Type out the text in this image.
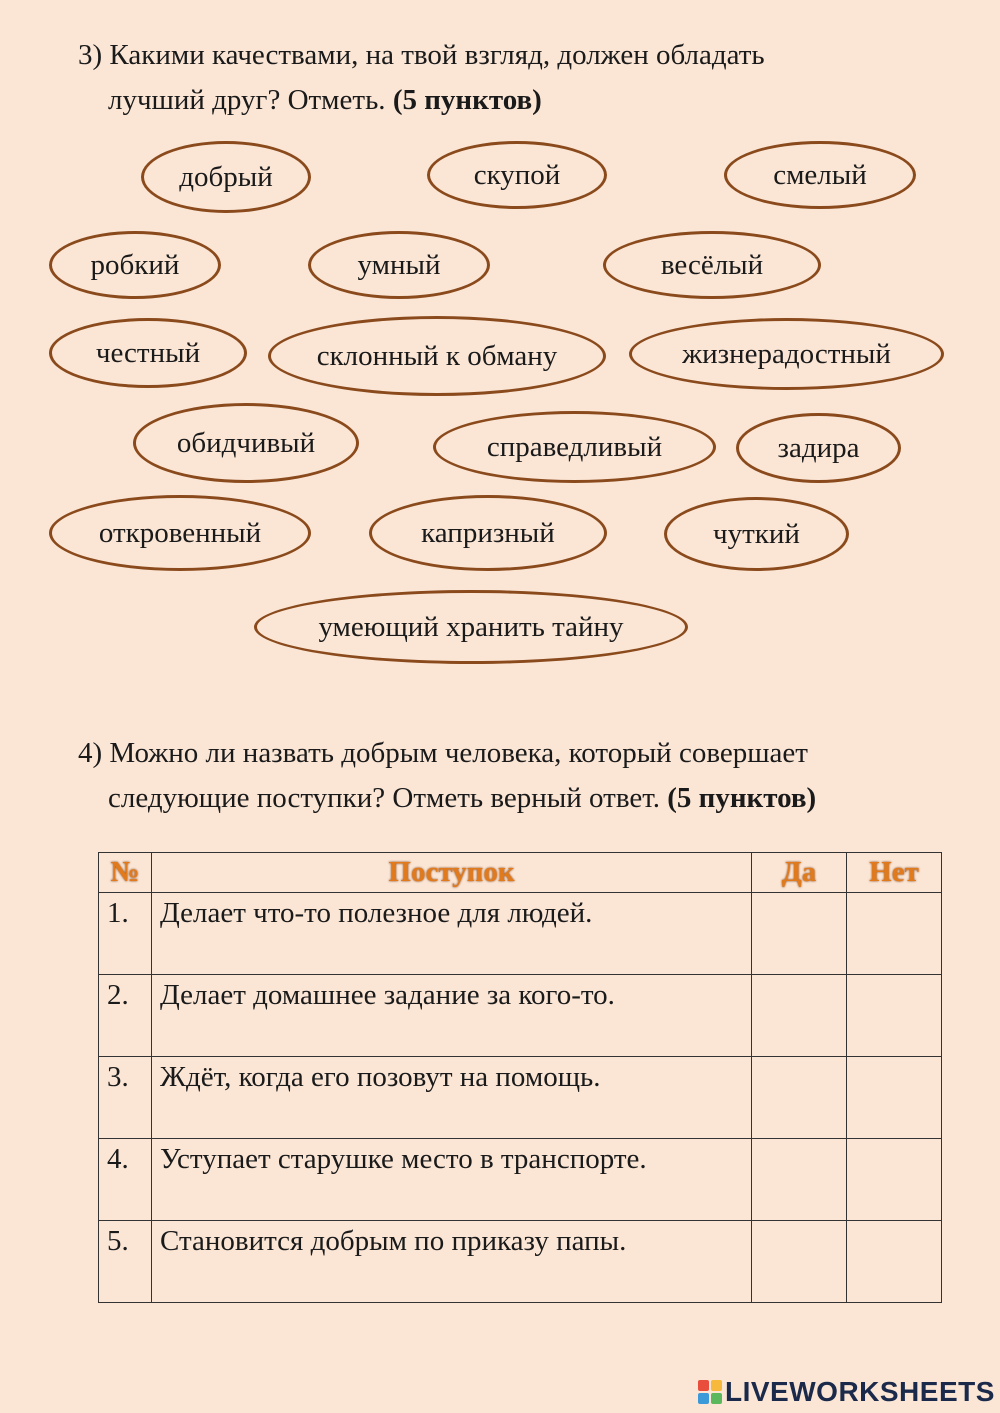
3) Какими качествами, на твой взгляд, должен обладать
лучший друг? Отметь. (5 пунктов)

добрый	скупой	смелый
робкий	умный	весёлый
честный	склонный к обману	жизнерадостный
обидчивый	справедливый	задира
откровенный	капризный	чуткий
умеющий хранить тайну

4) Можно ли назвать добрым человека, который совершает
следующие поступки? Отметь верный ответ. (5 пунктов)

№	Поступок	Да	Нет
1.	Делает что-то полезное для людей.		
2.	Делает домашнее задание за кого-то.		
3.	Ждёт, когда его позовут на помощь.		
4.	Уступает старушке место в транспорте.		
5.	Становится добрым по приказу папы.		
LIVEWORKSHEETS
